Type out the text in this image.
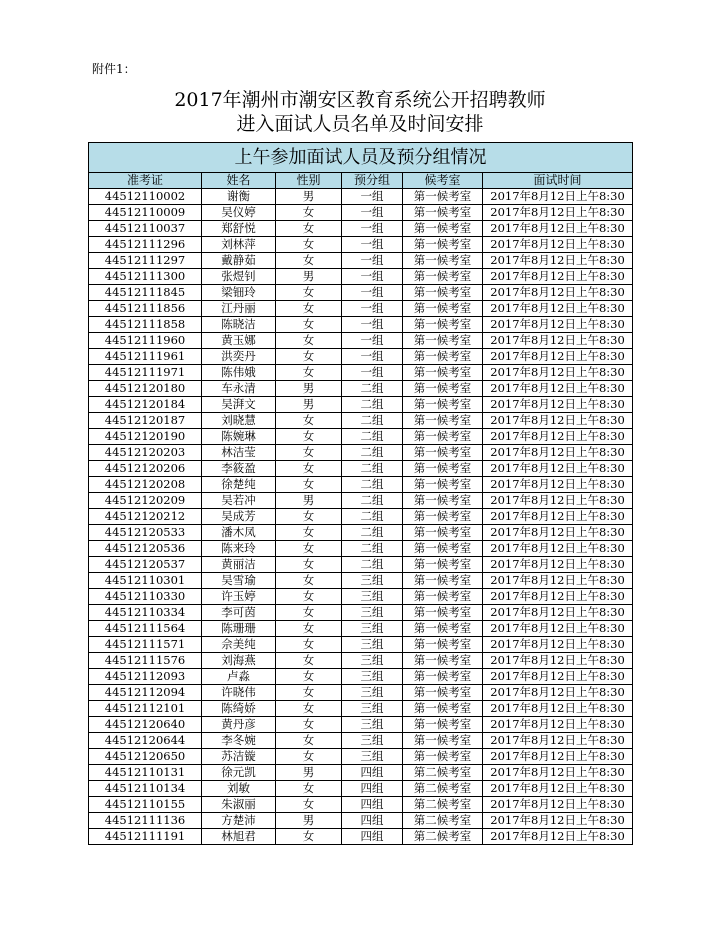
附件1：
2017年潮州市潮安区教育系统公开招聘教师
进入面试人员名单及时间安排
上午参加面试人员及预分组情况					
准考证	姓名	性别	预分组	候考室	面试时间
44512110002	谢衡	男	一组	第一候考室	2017年8月12日上午8:30
44512110009	吴仪婷	女	一组	第一候考室	2017年8月12日上午8:30
44512110037	郑舒悦	女	一组	第一候考室	2017年8月12日上午8:30
44512111296	刘林萍	女	一组	第一候考室	2017年8月12日上午8:30
44512111297	戴静茹	女	一组	第一候考室	2017年8月12日上午8:30
44512111300	张煜钊	男	一组	第一候考室	2017年8月12日上午8:30
44512111845	梁钿玲	女	一组	第一候考室	2017年8月12日上午8:30
44512111856	江丹丽	女	一组	第一候考室	2017年8月12日上午8:30
44512111858	陈晓洁	女	一组	第一候考室	2017年8月12日上午8:30
44512111960	黄玉娜	女	一组	第一候考室	2017年8月12日上午8:30
44512111961	洪奕丹	女	一组	第一候考室	2017年8月12日上午8:30
44512111971	陈伟娥	女	一组	第一候考室	2017年8月12日上午8:30
44512120180	车永清	男	二组	第一候考室	2017年8月12日上午8:30
44512120184	吴湃文	男	二组	第一候考室	2017年8月12日上午8:30
44512120187	刘晓慧	女	二组	第一候考室	2017年8月12日上午8:30
44512120190	陈婉琳	女	二组	第一候考室	2017年8月12日上午8:30
44512120203	林洁莹	女	二组	第一候考室	2017年8月12日上午8:30
44512120206	李筱盈	女	二组	第一候考室	2017年8月12日上午8:30
44512120208	徐楚纯	女	二组	第一候考室	2017年8月12日上午8:30
44512120209	吴若冲	男	二组	第一候考室	2017年8月12日上午8:30
44512120212	吴成芳	女	二组	第一候考室	2017年8月12日上午8:30
44512120533	潘木凤	女	二组	第一候考室	2017年8月12日上午8:30
44512120536	陈来玲	女	二组	第一候考室	2017年8月12日上午8:30
44512120537	黄丽洁	女	二组	第一候考室	2017年8月12日上午8:30
44512110301	吴雪瑜	女	三组	第一候考室	2017年8月12日上午8:30
44512110330	许玉婷	女	三组	第一候考室	2017年8月12日上午8:30
44512110334	李可茵	女	三组	第一候考室	2017年8月12日上午8:30
44512111564	陈珊珊	女	三组	第一候考室	2017年8月12日上午8:30
44512111571	佘美纯	女	三组	第一候考室	2017年8月12日上午8:30
44512111576	刘海燕	女	三组	第一候考室	2017年8月12日上午8:30
44512112093	卢淼	女	三组	第一候考室	2017年8月12日上午8:30
44512112094	许晓伟	女	三组	第一候考室	2017年8月12日上午8:30
44512112101	陈绮娇	女	三组	第一候考室	2017年8月12日上午8:30
44512120640	黄丹彦	女	三组	第一候考室	2017年8月12日上午8:30
44512120644	李冬婉	女	三组	第一候考室	2017年8月12日上午8:30
44512120650	苏洁镟	女	三组	第一候考室	2017年8月12日上午8:30
44512110131	徐元凯	男	四组	第二候考室	2017年8月12日上午8:30
44512110134	刘敏	女	四组	第二候考室	2017年8月12日上午8:30
44512110155	朱淑丽	女	四组	第二候考室	2017年8月12日上午8:30
44512111136	方楚沛	男	四组	第二候考室	2017年8月12日上午8:30
44512111191	林旭君	女	四组	第二候考室	2017年8月12日上午8:30
